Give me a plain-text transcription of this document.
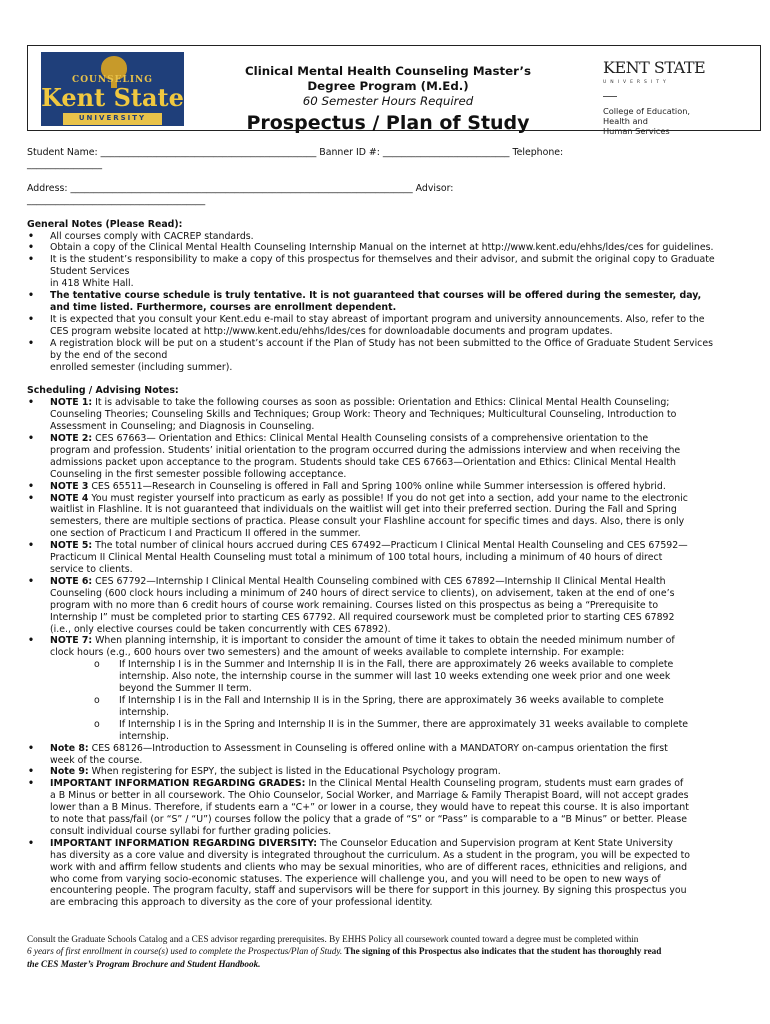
COUNSELING
Kent State
UNIVERSITY
Clinical Mental Health Counseling Master’s
Degree Program (M.Ed.)
60 Semester Hours Required
Prospectus / Plan of Study
KENT STATE
UNIVERSITY
College of Education,
Health and
Human Services
Student Name: ______________________________________________ Banner ID #: ___________________________ Telephone:
________________
Address: _________________________________________________________________________ Advisor:
______________________________________
General Notes (Please Read):
• All courses comply with CACREP standards.
• Obtain a copy of the Clinical Mental Health Counseling Internship Manual on the internet at http://www.kent.edu/ehhs/ldes/ces for guidelines.
• It is the student’s responsibility to make a copy of this prospectus for themselves and their advisor, and submit the original copy to Graduate
Student Services
in 418 White Hall.
• The tentative course schedule is truly tentative. It is not guaranteed that courses will be offered during the semester, day,
and time listed. Furthermore, courses are enrollment dependent.
• It is expected that you consult your Kent.edu e-mail to stay abreast of important program and university announcements. Also, refer to the
CES program website located at http://www.kent.edu/ehhs/ldes/ces for downloadable documents and program updates.
• A registration block will be put on a student’s account if the Plan of Study has not been submitted to the Office of Graduate Student Services
by the end of the second
enrolled semester (including summer).
Scheduling / Advising Notes:
• NOTE 1: It is advisable to take the following courses as soon as possible: Orientation and Ethics: Clinical Mental Health Counseling;
Counseling Theories; Counseling Skills and Techniques; Group Work: Theory and Techniques; Multicultural Counseling, Introduction to
Assessment in Counseling; and Diagnosis in Counseling.
• NOTE 2: CES 67663— Orientation and Ethics: Clinical Mental Health Counseling consists of a comprehensive orientation to the
program and profession. Students’ initial orientation to the program occurred during the admissions interview and when receiving the
admissions packet upon acceptance to the program. Students should take CES 67663—Orientation and Ethics: Clinical Mental Health
Counseling in the first semester possible following acceptance.
• NOTE 3 CES 65511—Research in Counseling is offered in Fall and Spring 100% online while Summer intersession is offered hybrid.
• NOTE 4 You must register yourself into practicum as early as possible! If you do not get into a section, add your name to the electronic
waitlist in Flashline. It is not guaranteed that individuals on the waitlist will get into their preferred section. During the Fall and Spring
semesters, there are multiple sections of practica. Please consult your Flashline account for specific times and days. Also, there is only
one section of Practicum I and Practicum II offered in the summer.
• NOTE 5: The total number of clinical hours accrued during CES 67492—Practicum I Clinical Mental Health Counseling and CES 67592—
Practicum II Clinical Mental Health Counseling must total a minimum of 100 total hours, including a minimum of 40 hours of direct
service to clients.
• NOTE 6: CES 67792—Internship I Clinical Mental Health Counseling combined with CES 67892—Internship II Clinical Mental Health
Counseling (600 clock hours including a minimum of 240 hours of direct service to clients), on advisement, taken at the end of one’s
program with no more than 6 credit hours of course work remaining. Courses listed on this prospectus as being a “Prerequisite to
Internship I” must be completed prior to starting CES 67792. All required coursework must be completed prior to starting CES 67892
(i.e., only elective courses could be taken concurrently with CES 67892).
• NOTE 7: When planning internship, it is important to consider the amount of time it takes to obtain the needed minimum number of
clock hours (e.g., 600 hours over two semesters) and the amount of weeks available to complete internship. For example:
o If Internship I is in the Summer and Internship II is in the Fall, there are approximately 26 weeks available to complete
internship. Also note, the internship course in the summer will last 10 weeks extending one week prior and one week
beyond the Summer II term.
o If Internship I is in the Fall and Internship II is in the Spring, there are approximately 36 weeks available to complete
internship.
o If Internship I is in the Spring and Internship II is in the Summer, there are approximately 31 weeks available to complete
internship.
• Note 8: CES 68126—Introduction to Assessment in Counseling is offered online with a MANDATORY on-campus orientation the first
week of the course.
• Note 9: When registering for ESPY, the subject is listed in the Educational Psychology program.
• IMPORTANT INFORMATION REGARDING GRADES: In the Clinical Mental Health Counseling program, students must earn grades of
a B Minus or better in all coursework. The Ohio Counselor, Social Worker, and Marriage & Family Therapist Board, will not accept grades
lower than a B Minus. Therefore, if students earn a “C+” or lower in a course, they would have to repeat this course. It is also important
to note that pass/fail (or “S” / “U”) courses follow the policy that a grade of “S” or “Pass” is comparable to a “B Minus” or better. Please
consult individual course syllabi for further grading policies.
• IMPORTANT INFORMATION REGARDING DIVERSITY: The Counselor Education and Supervision program at Kent State University
has diversity as a core value and diversity is integrated throughout the curriculum. As a student in the program, you will be expected to
work with and affirm fellow students and clients who may be sexual minorities, who are of different races, ethnicities and religions, and
who come from varying socio-economic statuses. The experience will challenge you, and you will need to be open to new ways of
encountering people. The program faculty, staff and supervisors will be there for support in this journey. By signing this prospectus you
are embracing this approach to diversity as the core of your professional identity.
Consult the Graduate Schools Catalog and a CES advisor regarding prerequisites. By EHHS Policy all coursework counted toward a degree must be completed within
6 years of first enrollment in course(s) used to complete the Prospectus/Plan of Study. The signing of this Prospectus also indicates that the student has thoroughly read
the CES Master’s Program Brochure and Student Handbook.
